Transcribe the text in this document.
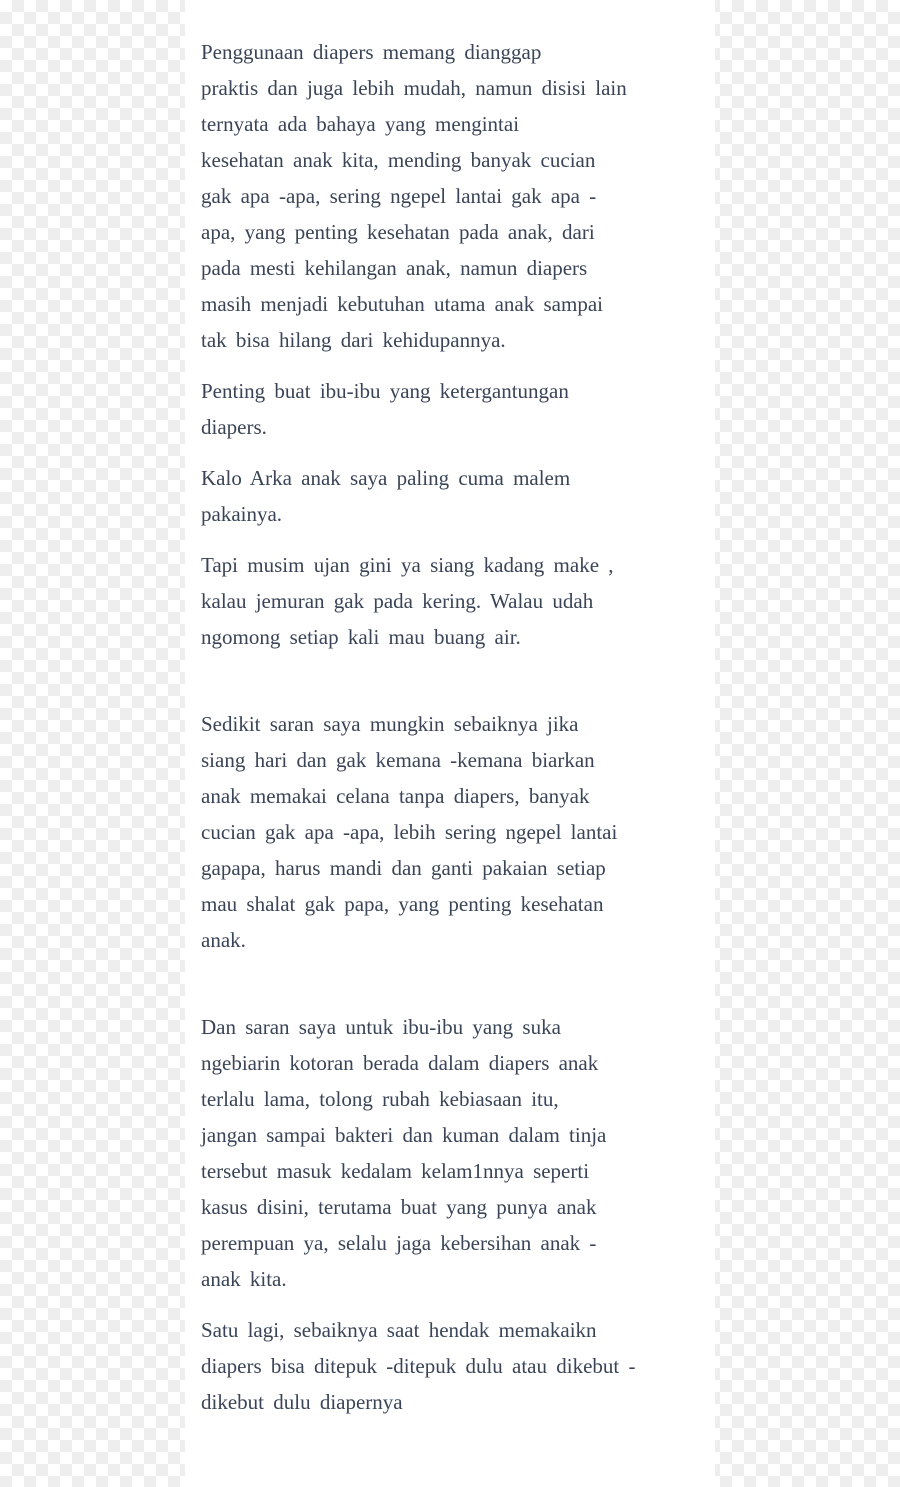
Penggunaan diapers memang dianggap
praktis dan juga lebih mudah, namun disisi lain
ternyata ada bahaya yang mengintai
kesehatan anak kita, mending banyak cucian
gak apa -apa, sering ngepel lantai gak apa -
apa, yang penting kesehatan pada anak, dari
pada mesti kehilangan anak, namun diapers
masih menjadi kebutuhan utama anak sampai
tak bisa hilang dari kehidupannya.

Penting buat ibu-ibu yang ketergantungan
diapers.

Kalo Arka anak saya paling cuma malem
pakainya.

Tapi musim ujan gini ya siang kadang make ,
kalau jemuran gak pada kering. Walau udah
ngomong setiap kali mau buang air.

Sedikit saran saya mungkin sebaiknya jika
siang hari dan gak kemana -kemana biarkan
anak memakai celana tanpa diapers, banyak
cucian gak apa -apa, lebih sering ngepel lantai
gapapa, harus mandi dan ganti pakaian setiap
mau shalat gak papa, yang penting kesehatan
anak.

Dan saran saya untuk ibu-ibu yang suka
ngebiarin kotoran berada dalam diapers anak
terlalu lama, tolong rubah kebiasaan itu,
jangan sampai bakteri dan kuman dalam tinja
tersebut masuk kedalam kelam1nnya seperti
kasus disini, terutama buat yang punya anak
perempuan ya, selalu jaga kebersihan anak -
anak kita.

Satu lagi, sebaiknya saat hendak memakaikn
diapers bisa ditepuk -ditepuk dulu atau dikebut -
dikebut dulu diapernya
